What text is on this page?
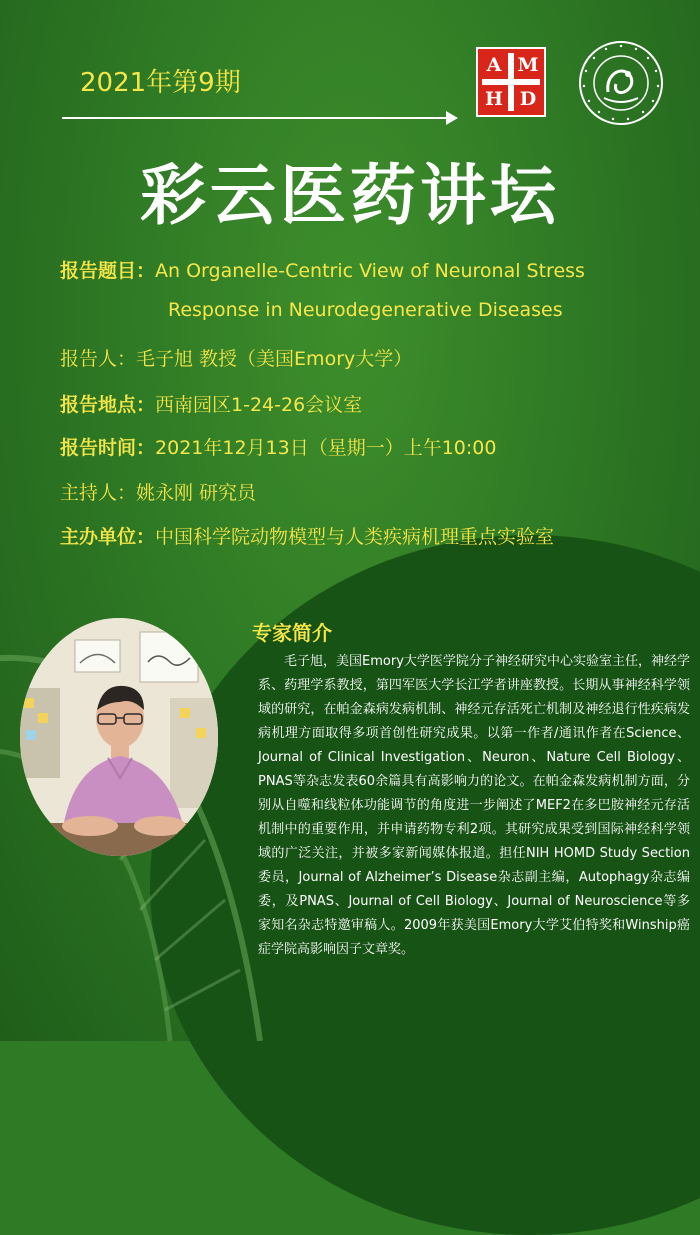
2021年第9期
A M
H D
彩云医药讲坛
报告题目：An Organelle-Centric View of Neuronal Stress
Response in Neurodegenerative Diseases
报告人：毛子旭 教授（美国Emory大学）
报告地点：西南园区1-24-26会议室
报告时间：2021年12月13日（星期一）上午10:00
主持人：姚永刚 研究员
主办单位：中国科学院动物模型与人类疾病机理重点实验室
专家简介

毛子旭，美国Emory大学医学院分子神经研究中心实验室主任，神经学系、药理学系教授，第四军医大学长江学者讲座教授。长期从事神经科学领域的研究，在帕金森病发病机制、神经元存活死亡机制及神经退行性疾病发病机理方面取得多项首创性研究成果。以第一作者/通讯作者在Science、Journal of Clinical Investigation、Neuron、Nature Cell Biology、PNAS等杂志发表60余篇具有高影响力的论文。在帕金森发病机制方面，分别从自噬和线粒体功能调节的角度进一步阐述了MEF2在多巴胺神经元存活机制中的重要作用，并申请药物专利2项。其研究成果受到国际神经科学领域的广泛关注，并被多家新闻媒体报道。担任NIH HOMD Study Section 委员，Journal of Alzheimer’s Disease杂志副主编，Autophagy杂志编委，及PNAS、Journal of Cell Biology、Journal of Neuroscience等多家知名杂志特邀审稿人。2009年获美国Emory大学艾伯特奖和Winship癌症学院高影响因子文章奖。
